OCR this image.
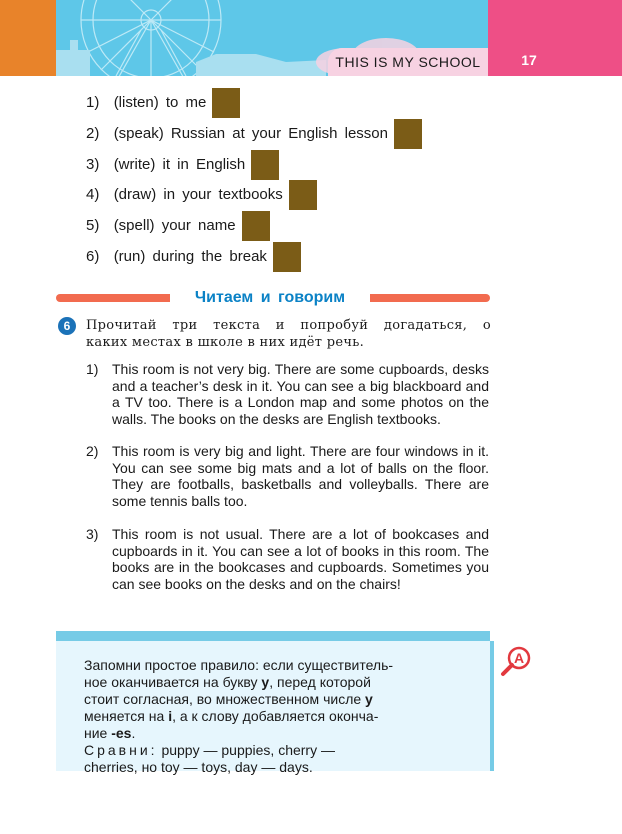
THIS IS MY SCHOOL	17
1) (listen) to me
2) (speak) Russian at your English lesson
3) (write) it in English
4) (draw) in your textbooks
5) (spell) your name
6) (run) during the break
Читаем и говорим
6	Прочитай три текста и попробуй догадаться, о
каких местах в школе в них идёт речь.
1) This room is not very big. There are some cupboards, desks and a teacher’s desk in it. You can see a big blackboard and a TV too. There is a London map and some photos on the walls. The books on the desks are English textbooks.
2) This room is very big and light. There are four windows in it. You can see some big mats and a lot of balls on the floor. They are footballs, basketballs and volleyballs. There are some tennis balls too.
3) This room is not usual. There are a lot of bookcases and cupboards in it. You can see a lot of books in this room. The books are in the bookcases and cupboards. Sometimes you can see books on the desks and on the chairs!
Запомни простое правило: если существитель-
ное оканчивается на букву y, перед которой
стоит согласная, во множественном числе y
меняется на i, а к слову добавляется оконча-
ние -es.
Сравни: puppy — puppies, cherry —
cherries, но toy — toys, day — days.
A
